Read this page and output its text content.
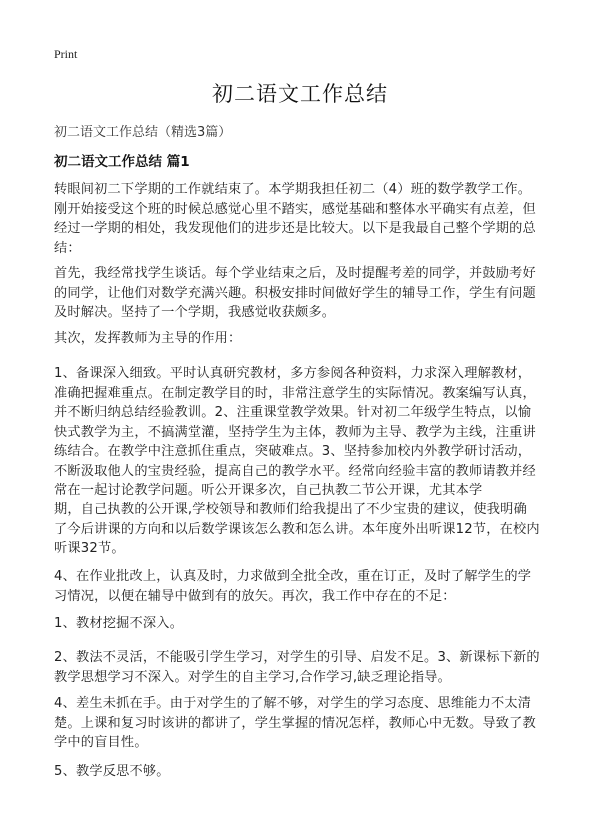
Print
初二语文工作总结
初二语文工作总结（精选3篇）
初二语文工作总结 篇1
转眼间初二下学期的工作就结束了。本学期我担任初二（4）班的数学教学工作。
刚开始接受这个班的时候总感觉心里不踏实，感觉基础和整体水平确实有点差，但
经过一学期的相处，我发现他们的进步还是比较大。以下是我最自己整个学期的总
结：
首先，我经常找学生谈话。每个学业结束之后，及时提醒考差的同学，并鼓励考好
的同学，让他们对数学充满兴趣。积极安排时间做好学生的辅导工作，学生有问题
及时解决。坚持了一个学期，我感觉收获颇多。
其次，发挥教师为主导的作用：
1、备课深入细致。平时认真研究教材，多方参阅各种资料，力求深入理解教材，
准确把握难重点。在制定教学目的时，非常注意学生的实际情况。教案编写认真，
并不断归纳总结经验教训。2、注重课堂教学效果。针对初二年级学生特点，以愉
快式教学为主，不搞满堂灌，坚持学生为主体，教师为主导、教学为主线，注重讲
练结合。在教学中注意抓住重点，突破难点。3、坚持参加校内外教学研讨活动，
不断汲取他人的宝贵经验，提高自己的教学水平。经常向经验丰富的教师请教并经
常在一起讨论教学问题。听公开课多次，自己执教二节公开课，尤其本学
期，自己执教的公开课,学校领导和教师们给我提出了不少宝贵的建议，使我明确
了今后讲课的方向和以后数学课该怎么教和怎么讲。本年度外出听课12节，在校内
听课32节。
4、在作业批改上，认真及时，力求做到全批全改，重在订正，及时了解学生的学
习情况，以便在辅导中做到有的放矢。再次，我工作中存在的不足：
1、教材挖掘不深入。
2、教法不灵活，不能吸引学生学习，对学生的引导、启发不足。3、新课标下新的
教学思想学习不深入。对学生的自主学习,合作学习,缺乏理论指导。
4、差生未抓在手。由于对学生的了解不够，对学生的学习态度、思维能力不太清
楚。上课和复习时该讲的都讲了，学生掌握的情况怎样，教师心中无数。导致了教
学中的盲目性。
5、教学反思不够。
